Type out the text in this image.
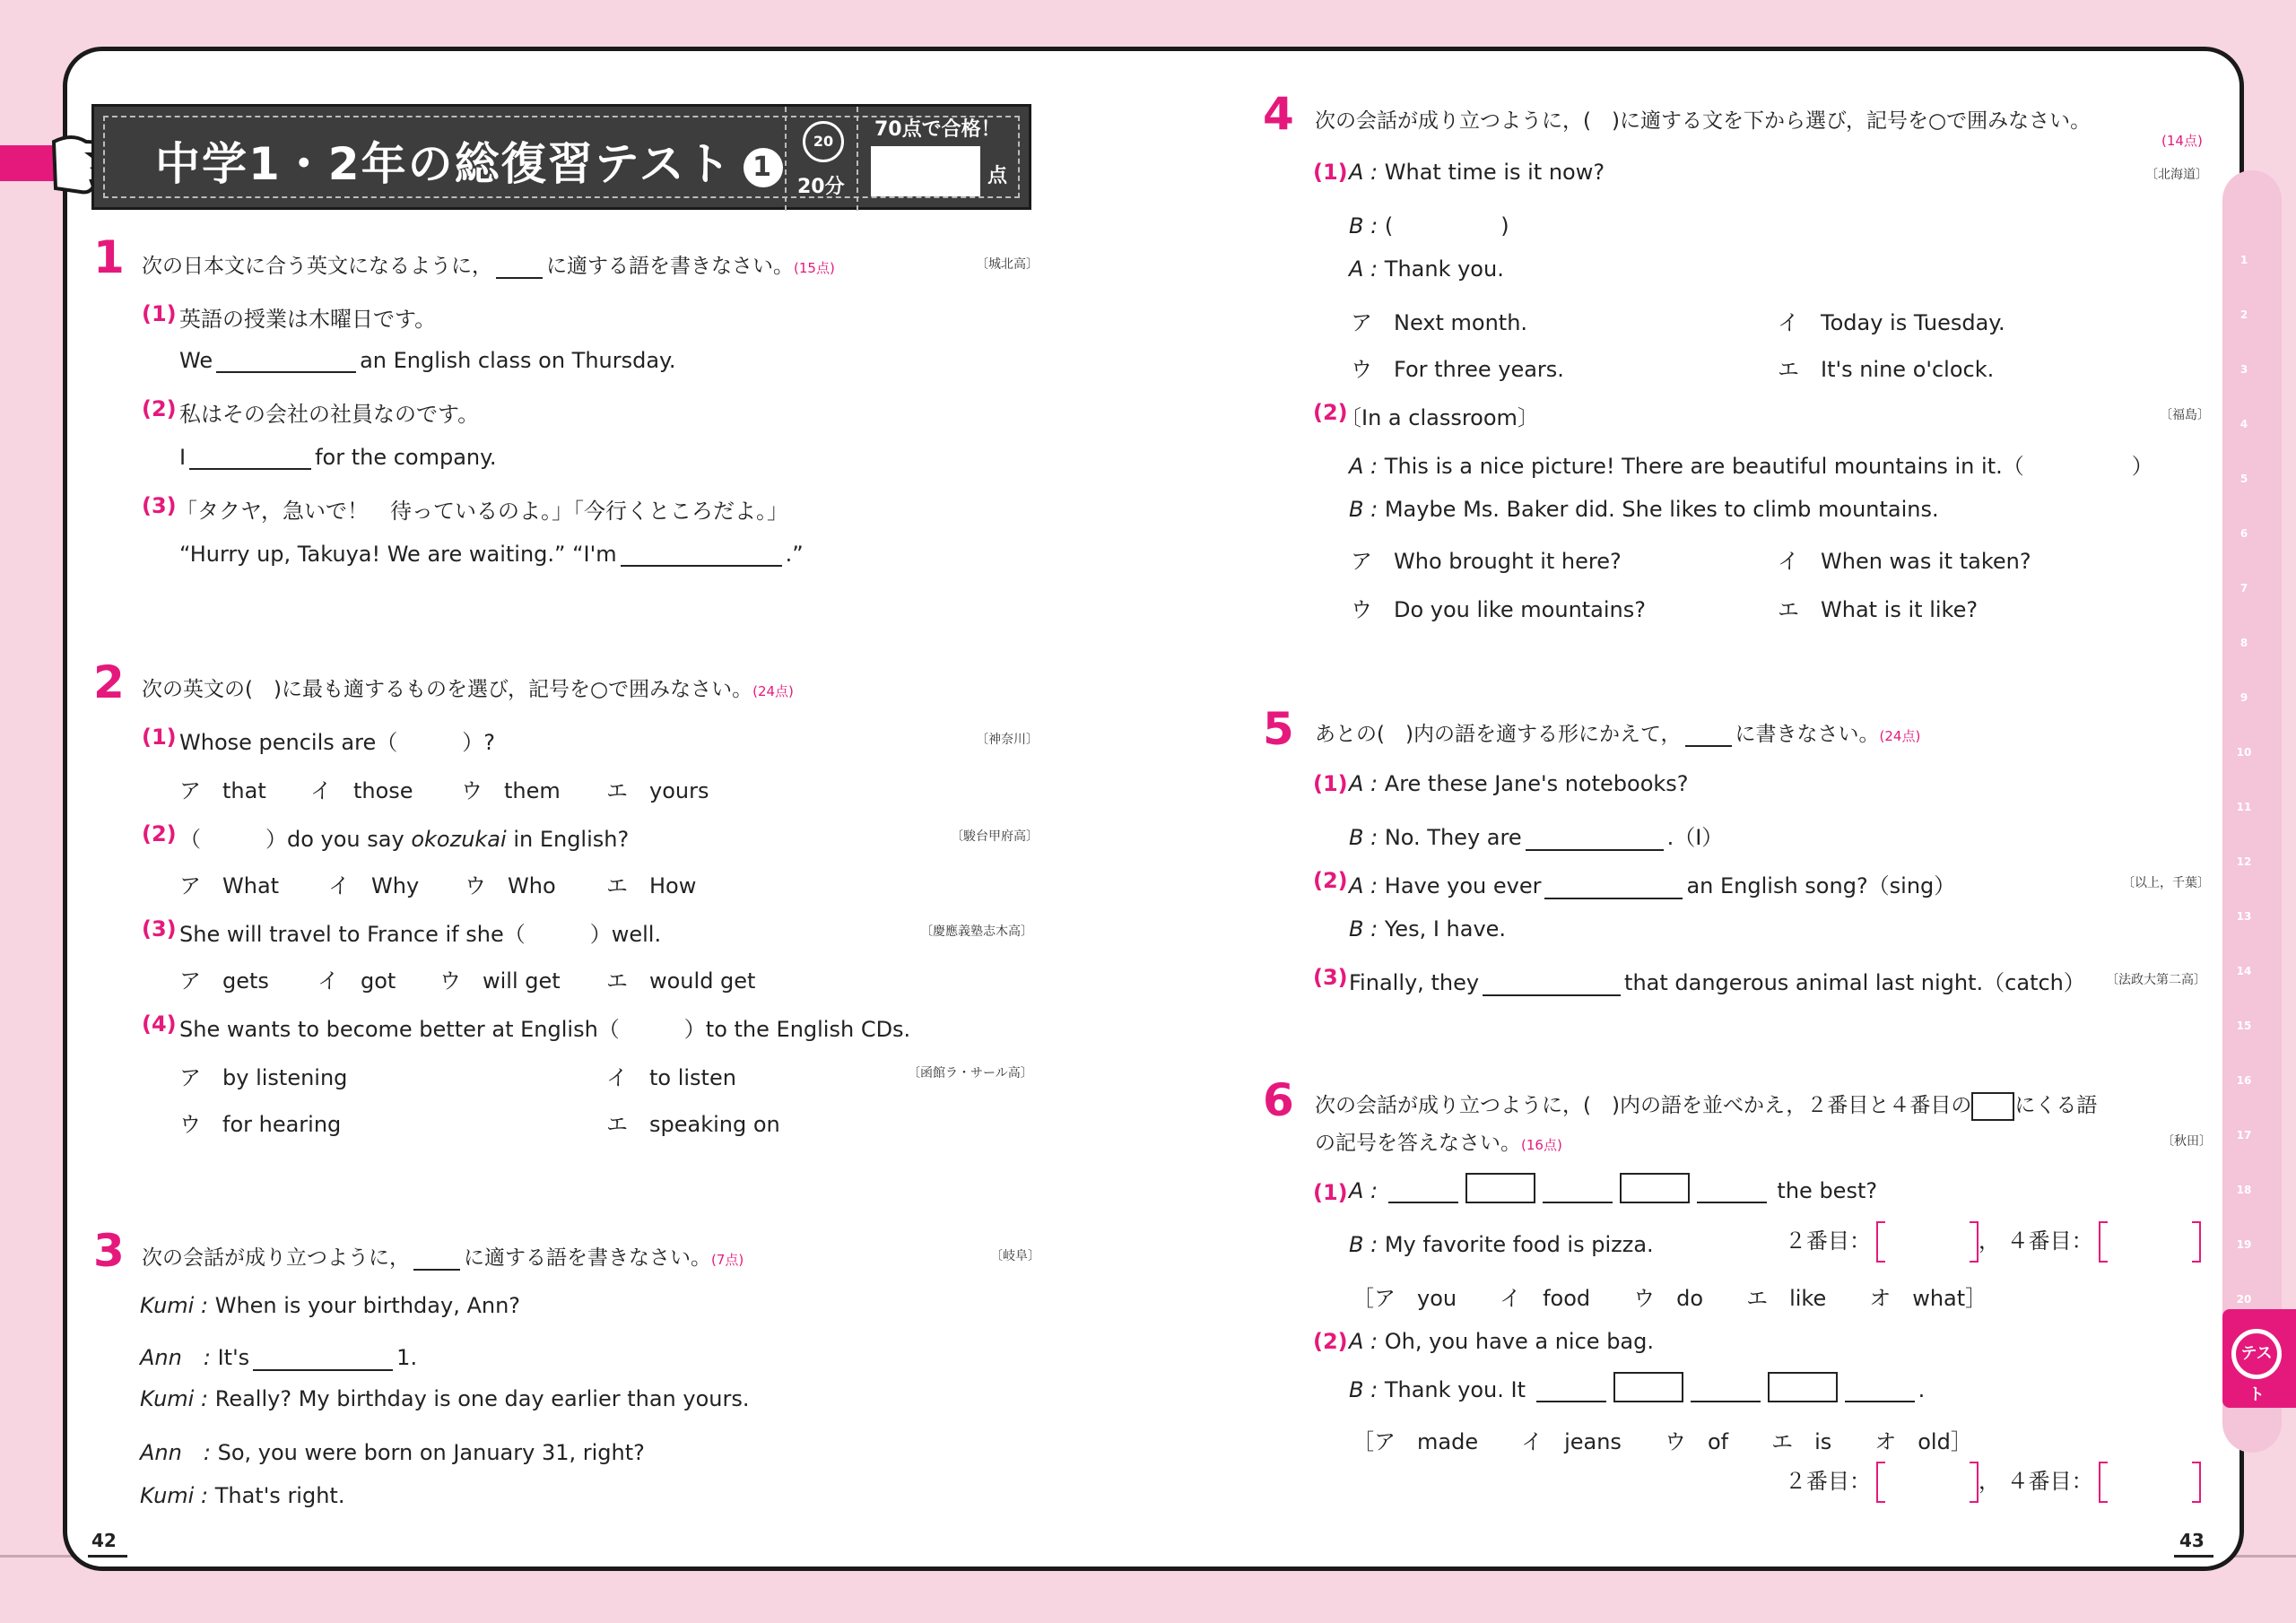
1
2
3
4
5
6
7
8
9
10
11
12
13
14
15
16
17
18
19
20
テスト
中学1・2年の総復習テスト 1
20
20分
70点で合格！
点
42	43
1 次の日本文に合う英文になるように，	に適する語を書きなさい。(15点)	〔城北高〕
(1) 英語の授業は木曜日です。
We	an English class on Thursday.
(2) 私はその会社の社員なのです。
I	for the company.
(3) 「タクヤ，急いで！　待っているのよ。」「今行くところだよ。」
“Hurry up, Takuya! We are waiting.” “I'm	.”
2 次の英文の(　)に最も適するものを選び，記号を○で囲みなさい。(24点)
(1) Whose pencils are（　　　）?	〔神奈川〕
ア　that イ　those ウ　them エ　yours
(2) （　　　）do you say okozukai in English?	〔駿台甲府高〕
ア　What イ　Why ウ　Who エ　How
(3) She will travel to France if she（　　　）well.	〔慶應義塾志木高〕
ア　gets イ　got ウ　will get エ　would get
(4) She wants to become better at English（　　　）to the English CDs.
〔函館ラ・サール高〕
ア　by listening	イ　to listen
ウ　for hearing	エ　speaking on
3 次の会話が成り立つように，	に適する語を書きなさい。(7点)	〔岐阜〕
Kumi : When is your birthday, Ann?
Ann　: It's	1.
Kumi : Really? My birthday is one day earlier than yours.
Ann　: So, you were born on January 31, right?
Kumi : That's right.
4 次の会話が成り立つように，(　)に適する文を下から選び，記号を○で囲みなさい。
(14点)
(1)	〔北海道〕
A : What time is it now?
B : (　　　　　)
A : Thank you.
ア　Next month.	イ　Today is Tuesday.
ウ　For three years.	エ　It's nine o'clock.
(2)
〔In a classroom〕	〔福島〕
A : This is a nice picture! There are beautiful mountains in it.（　　　　　）
B : Maybe Ms. Baker did. She likes to climb mountains.
ア　Who brought it here?	イ　When was it taken?
ウ　Do you like mountains?	エ　What is it like?
5 あとの(　)内の語を適する形にかえて，	に書きなさい。(24点)
(1) A : Are these Jane's notebooks?
B : No. They are	.（I）
(2) A : Have you ever	an English song?（sing）	〔以上，千葉〕
B : Yes, I have.
(3) Finally, they	that dangerous animal last night.（catch） 〔法政大第二高〕
6 次の会話が成り立つように，(　)内の語を並べかえ，２番目と４番目の にくる語
の記号を答えなさい。(16点)	〔秋田〕
(1) A :	the best?
B : My favorite food is pizza.	２番目：	， ４番目：
［ア　you　　イ　food　　ウ　do　　エ　like　　オ　what］
(2) A : Oh, you have a nice bag.
B : Thank you. It	.
［ア　made　　イ　jeans　　ウ　of　　エ　is　　オ　old］
２番目：	， ４番目：
